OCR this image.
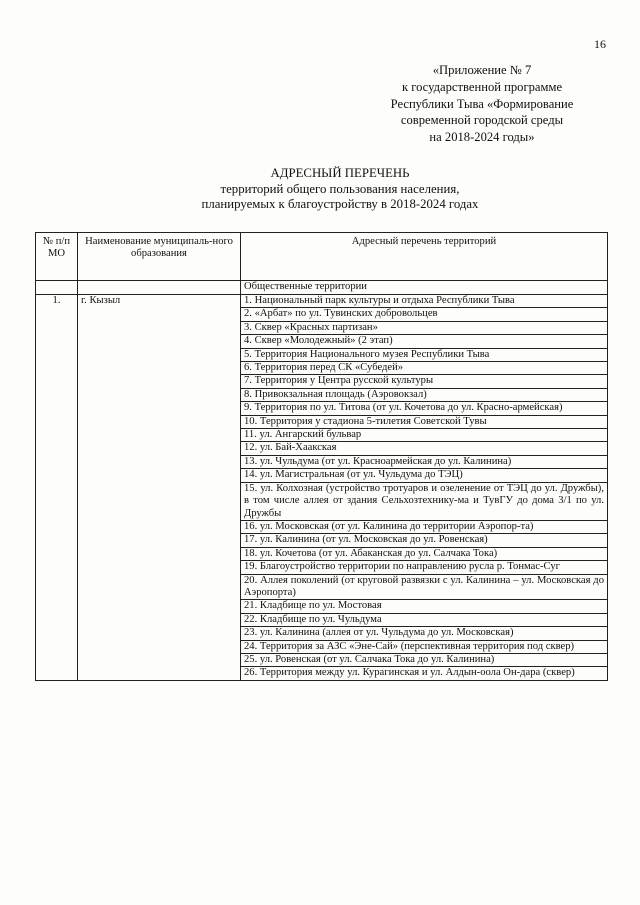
16
«Приложение № 7
к государственной программе
Республики Тыва «Формирование
современной городской среды
на 2018-2024 годы»
АДРЕСНЫЙ ПЕРЕЧЕНЬ
территорий общего пользования населения,
планируемых к благоустройству в 2018-2024 годах
№ п/п МО	Наименование муниципаль-ного образования	Адресный перечень территорий
		Общественные территории
1.	г. Кызыл	1. Национальный парк культуры и отдыха Республики Тыва
		2. «Арбат» по ул. Тувинских добровольцев
		3. Сквер «Красных партизан»
		4. Сквер «Молодежный» (2 этап)
		5. Территория Национального музея Республики Тыва
		6. Территория перед СК «Субедей»
		7. Территория у Центра русской культуры
		8. Привокзальная площадь (Аэровокзал)
		9. Территория по ул. Титова (от ул. Кочетова до ул. Красно-армейская)
		10. Территория у стадиона 5-тилетия Советской Тувы
		11. ул. Ангарский бульвар
		12. ул. Бай-Хаакская
		13. ул. Чульдума (от ул. Красноармейская до ул. Калинина)
		14. ул. Магистральная (от ул. Чульдума до ТЭЦ)
		15. ул. Колхозная (устройство тротуаров и озеленение от ТЭЦ до ул. Дружбы), в том числе аллея от здания Сельхозтехнику-ма и ТувГУ до дома 3/1 по ул. Дружбы
		16. ул. Московская (от ул. Калинина до территории Аэропор-та)
		17. ул. Калинина (от ул. Московская до ул. Ровенская)
		18. ул. Кочетова (от ул. Абаканская до ул. Салчака Тока)
		19. Благоустройство территории по направлению русла р. Тонмас-Суг
		20. Аллея поколений (от круговой развязки с ул. Калинина – ул. Московская до Аэропорта)
		21. Кладбище по ул. Мостовая
		22. Кладбище по ул. Чульдума
		23. ул. Калинина (аллея от ул. Чульдума до ул. Московская)
		24. Территория за АЗС «Эне-Сай» (перспективная территория под сквер)
		25. ул. Ровенская (от ул. Салчака Тока до ул. Калинина)
		26. Территория между ул. Курагинская и ул. Алдын-оола Он-дара (сквер)
